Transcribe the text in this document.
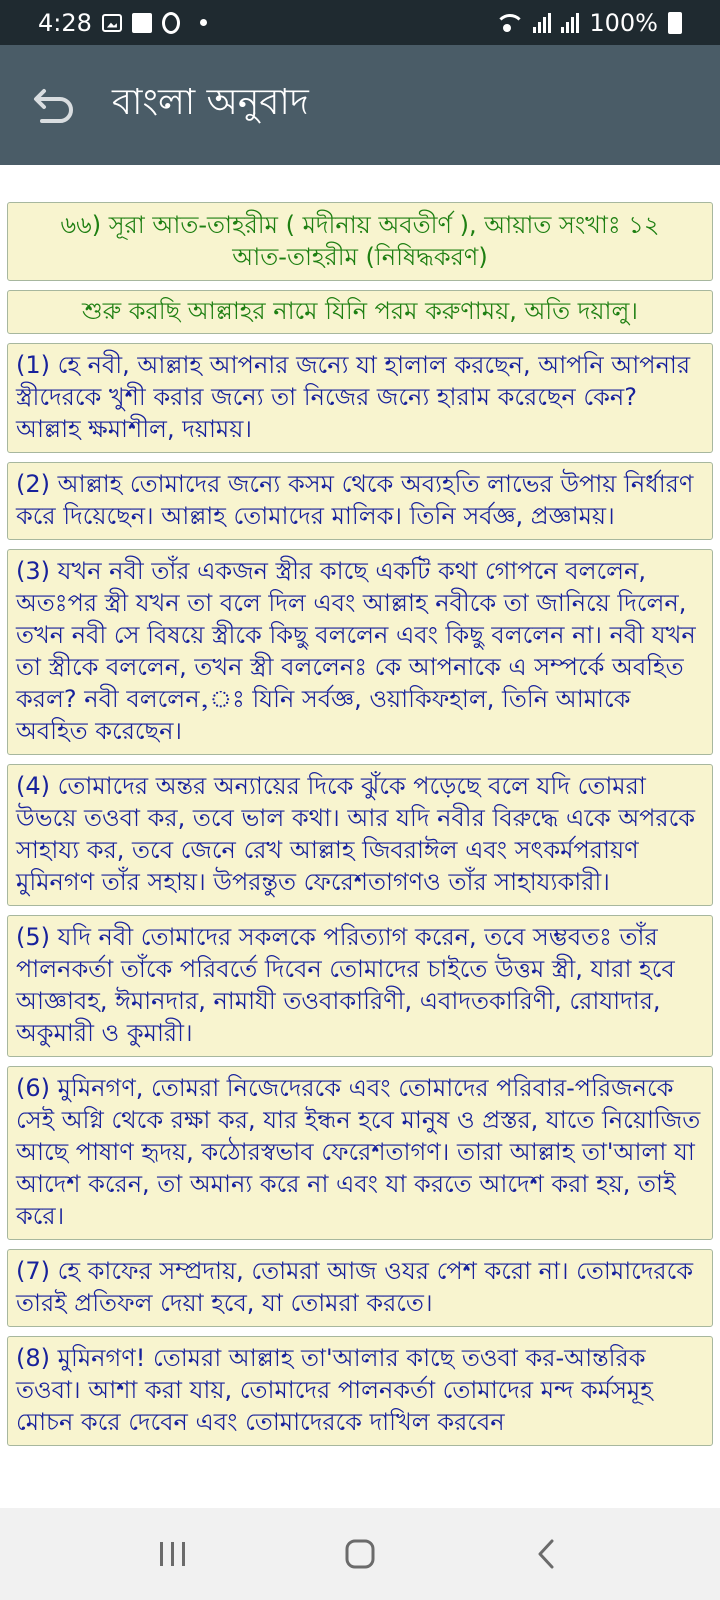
4:28	100%
বাংলা অনুবাদ
৬৬) সূরা আত-তাহরীম ( মদীনায় অবতীর্ণ ), আয়াত সংখাঃ ১২
আত-তাহরীম (নিষিদ্ধকরণ)
শুরু করছি আল্লাহর নামে যিনি পরম করুণাময়, অতি দয়ালু।
(1) হে নবী, আল্লাহ আপনার জন্যে যা হালাল করছেন, আপনি আপনার স্ত্রীদেরকে খুশী করার জন্যে তা নিজের জন্যে হারাম করেছেন কেন? আল্লাহ ক্ষমাশীল, দয়াময়।
(2) আল্লাহ তোমাদের জন্যে কসম থেকে অব্যহতি লাভের উপায় নির্ধারণ করে দিয়েছেন। আল্লাহ তোমাদের মালিক। তিনি সর্বজ্ঞ, প্রজ্ঞাময়।
(3) যখন নবী তাঁর একজন স্ত্রীর কাছে একটি কথা গোপনে বললেন, অতঃপর স্ত্রী যখন তা বলে দিল এবং আল্লাহ নবীকে তা জানিয়ে দিলেন, তখন নবী সে বিষয়ে স্ত্রীকে কিছু বললেন এবং কিছু বললেন না। নবী যখন তা স্ত্রীকে বললেন, তখন স্ত্রী বললেনঃ কে আপনাকে এ সম্পর্কে অবহিত করল? নবী বললেন,ঃ যিনি সর্বজ্ঞ, ওয়াকিফহাল, তিনি আমাকে অবহিত করেছেন।
(4) তোমাদের অন্তর অন্যায়ের দিকে ঝুঁকে পড়েছে বলে যদি তোমরা উভয়ে তওবা কর, তবে ভাল কথা। আর যদি নবীর বিরুদ্ধে একে অপরকে সাহায্য কর, তবে জেনে রেখ আল্লাহ জিবরাঈল এবং সৎকর্মপরায়ণ মুমিনগণ তাঁর সহায়। উপরন্তুত ফেরেশতাগণও তাঁর সাহায্যকারী।
(5) যদি নবী তোমাদের সকলকে পরিত্যাগ করেন, তবে সম্ভবতঃ তাঁর পালনকর্তা তাঁকে পরিবর্তে দিবেন তোমাদের চাইতে উত্তম স্ত্রী, যারা হবে আজ্ঞাবহ, ঈমানদার, নামাযী তওবাকারিণী, এবাদতকারিণী, রোযাদার, অকুমারী ও কুমারী।
(6) মুমিনগণ, তোমরা নিজেদেরকে এবং তোমাদের পরিবার-পরিজনকে সেই অগ্নি থেকে রক্ষা কর, যার ইন্ধন হবে মানুষ ও প্রস্তর, যাতে নিয়োজিত আছে পাষাণ হৃদয়, কঠোরস্বভাব ফেরেশতাগণ। তারা আল্লাহ তা'আলা যা আদেশ করেন, তা অমান্য করে না এবং যা করতে আদেশ করা হয়, তাই করে।
(7) হে কাফের সম্প্রদায়, তোমরা আজ ওযর পেশ করো না। তোমাদেরকে তারই প্রতিফল দেয়া হবে, যা তোমরা করতে।
(8) মুমিনগণ! তোমরা আল্লাহ তা'আলার কাছে তওবা কর-আন্তরিক তওবা। আশা করা যায়, তোমাদের পালনকর্তা তোমাদের মন্দ কর্মসমূহ মোচন করে দেবেন এবং তোমাদেরকে দাখিল করবেন
